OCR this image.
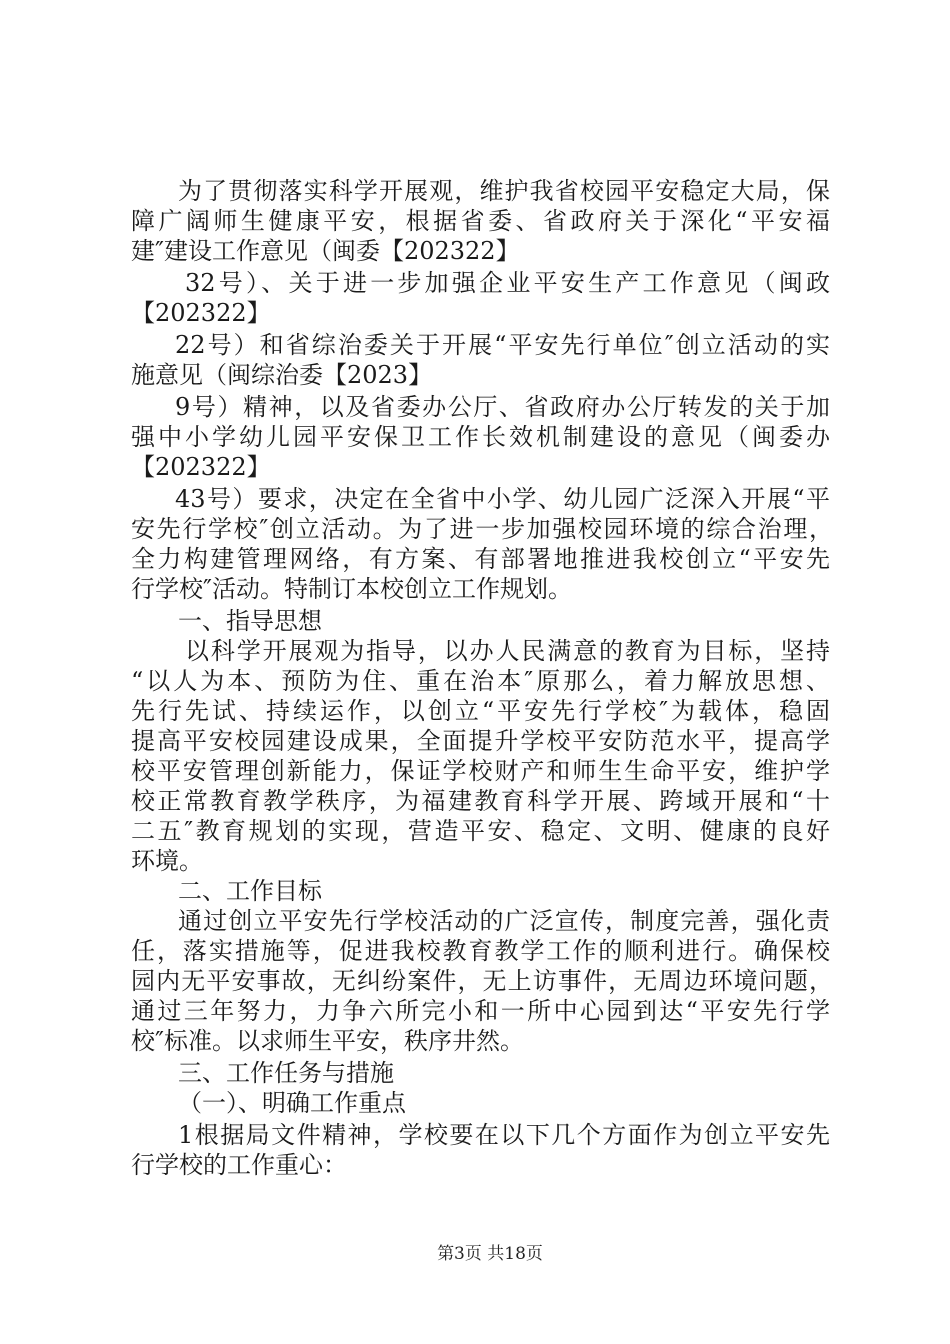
为了贯彻落实科学开展观，维护我省校园平安稳定大局，保
障广阔师生健康平安，根据省委、省政府关于深化“平安福
建″建设工作意见（闽委【202322】
32号）、关于进一步加强企业平安生产工作意见（闽政
【202322】
22号）和省综治委关于开展“平安先行单位″创立活动的实
施意见（闽综治委【2023】
9号）精神，以及省委办公厅、省政府办公厅转发的关于加
强中小学幼儿园平安保卫工作长效机制建设的意见（闽委办
【202322】
43号）要求，决定在全省中小学、幼儿园广泛深入开展“平
安先行学校″创立活动。为了进一步加强校园环境的综合治理，
全力构建管理网络，有方案、有部署地推进我校创立“平安先
行学校″活动。特制订本校创立工作规划。
一、指导思想
以科学开展观为指导，以办人民满意的教育为目标，坚持
“以人为本、预防为住、重在治本″原那么，着力解放思想、
先行先试、持续运作，以创立“平安先行学校″为载体，稳固
提高平安校园建设成果，全面提升学校平安防范水平，提高学
校平安管理创新能力，保证学校财产和师生生命平安，维护学
校正常教育教学秩序，为福建教育科学开展、跨域开展和“十
二五″教育规划的实现，营造平安、稳定、文明、健康的良好
环境。
二、工作目标
通过创立平安先行学校活动的广泛宣传，制度完善，强化责
任，落实措施等，促进我校教育教学工作的顺利进行。确保校
园内无平安事故，无纠纷案件，无上访事件，无周边环境问题，
通过三年努力，力争六所完小和一所中心园到达“平安先行学
校″标准。以求师生平安，秩序井然。
三、工作任务与措施
（一）、明确工作重点
1根据局文件精神，学校要在以下几个方面作为创立平安先
行学校的工作重心：
第3页 共18页
